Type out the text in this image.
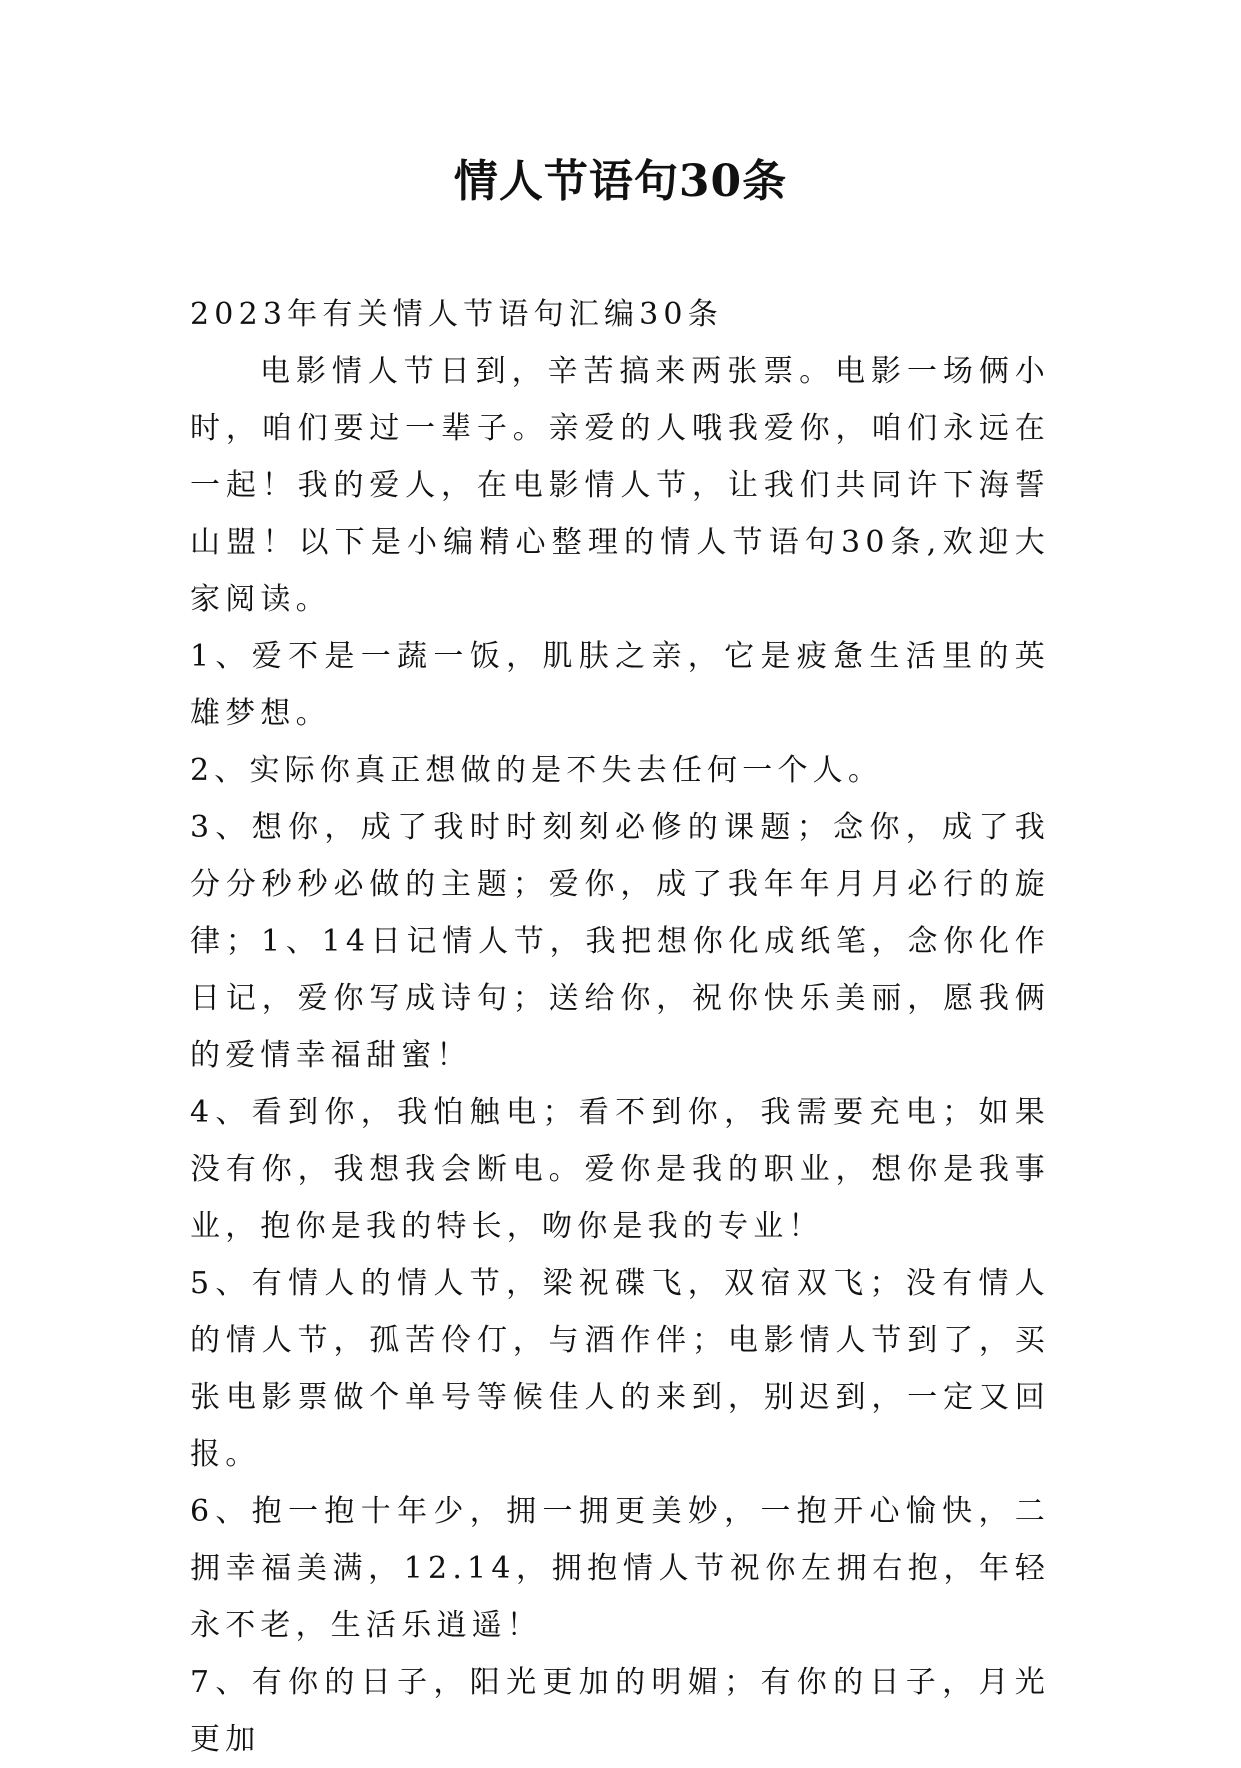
情人节语句30条

2023年有关情人节语句汇编30条

电影情人节日到，辛苦搞来两张票。电影一场俩小时，咱们要过一辈子。亲爱的人哦我爱你，咱们永远在一起！我的爱人，在电影情人节，让我们共同许下海誓山盟！以下是小编精心整理的情人节语句30条,欢迎大家阅读。

1、爱不是一蔬一饭，肌肤之亲，它是疲惫生活里的英雄梦想。

2、实际你真正想做的是不失去任何一个人。

3、想你，成了我时时刻刻必修的课题；念你，成了我分分秒秒必做的主题；爱你，成了我年年月月必行的旋律；1、14日记情人节，我把想你化成纸笔，念你化作日记，爱你写成诗句；送给你，祝你快乐美丽，愿我俩的爱情幸福甜蜜！

4、看到你，我怕触电；看不到你，我需要充电；如果没有你，我想我会断电。爱你是我的职业，想你是我事业，抱你是我的特长，吻你是我的专业！

5、有情人的情人节，梁祝碟飞，双宿双飞；没有情人的情人节，孤苦伶仃，与酒作伴；电影情人节到了，买张电影票做个单号等候佳人的来到，别迟到，一定又回报。

6、抱一抱十年少，拥一拥更美妙，一抱开心愉快，二拥幸福美满，12.14，拥抱情人节祝你左拥右抱，年轻永不老，生活乐逍遥！

7、有你的日子，阳光更加的明媚；有你的日子，月光更加
